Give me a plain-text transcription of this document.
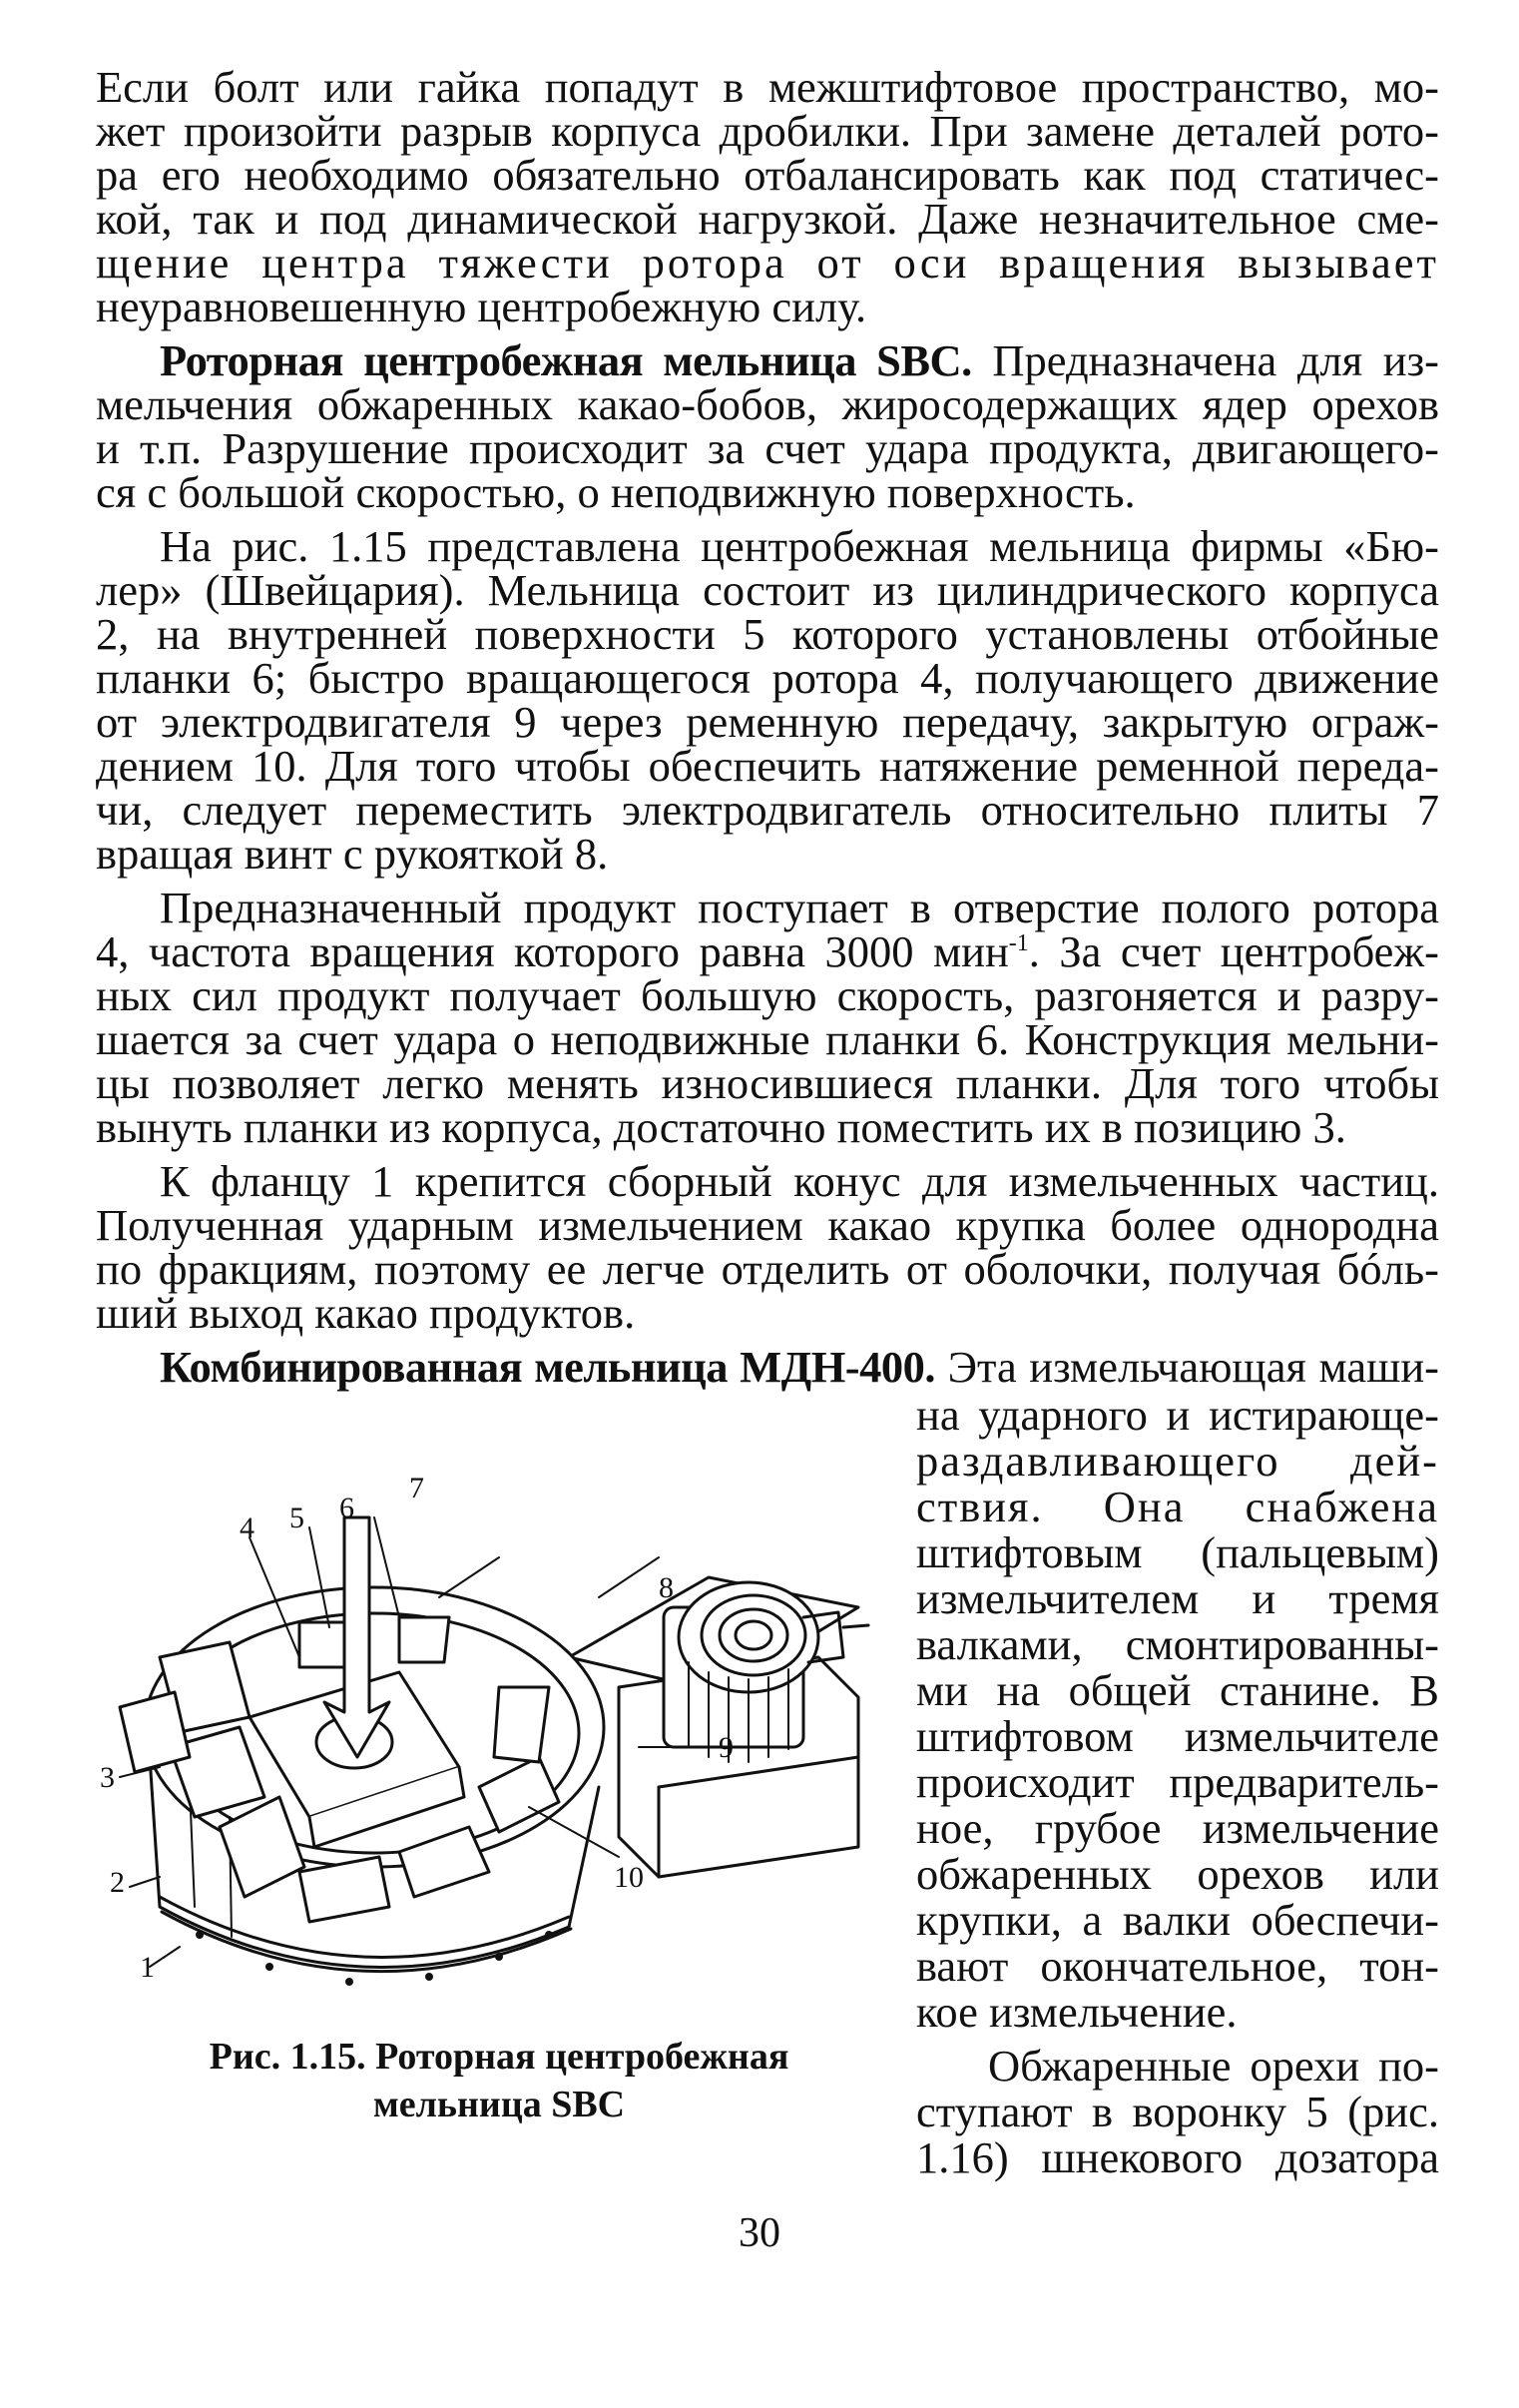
Если болт или гайка попадут в межштифтовое пространство, мо-

жет произойти разрыв корпуса дробилки. При замене деталей рото-

ра его необходимо обязательно отбалансировать как под статичес-

кой, так и под динамической нагрузкой. Даже незначительное сме-

щение центра тяжести ротора от оси вращения вызывает

неуравновешенную центробежную силу.

Роторная центробежная мельница SBC. Предназначена для из-

мельчения обжаренных какао-бобов, жиросодержащих ядер орехов

и т.п. Разрушение происходит за счет удара продукта, двигающего-

ся с большой скоростью, о неподвижную поверхность.

На рис. 1.15 представлена центробежная мельница фирмы «Бю-

лер» (Швейцария). Мельница состоит из цилиндрического корпуса

2, на внутренней поверхности 5 которого установлены отбойные

планки 6; быстро вращающегося ротора 4, получающего движение

от электродвигателя 9 через ременную передачу, закрытую ограж-

дением 10. Для того чтобы обеспечить натяжение ременной переда-

чи, следует переместить электродвигатель относительно плиты 7

вращая винт с рукояткой 8.

Предназначенный продукт поступает в отверстие полого ротора

4, частота вращения которого равна 3000 мин$^{-1}$. За счет центробеж-

ных сил продукт получает большую скорость, разгоняется и разру-

шается за счет удара о неподвижные планки 6. Конструкция мельни-

цы позволяет легко менять износившиеся планки. Для того чтобы

вынуть планки из корпуса, достаточно поместить их в позицию 3.

К фланцу 1 крепится сборный конус для измельченных частиц.

Полученная ударным измельчением какао крупка более однородна

по фракциям, поэтому ее легче отделить от оболочки, получая бóль-

ший выход какао продуктов.

Комбинированная мельница МДН-400. Эта измельчающая маши-

на ударного и истирающе-

раздавливающего дей-

ствия. Она снабжена

штифтовым (пальцевым)

измельчителем и тремя

валками, смонтированны-

ми на общей станине. В

штифтовом измельчителе

происходит предваритель-

ное, грубое измельчение

обжаренных орехов или

крупки, а валки обеспечи-

вают окончательное, тон-

кое измельчение.

Обжаренные орехи по-

ступают в воронку 5 (рис.

1.16) шнекового дозатора

1
2
3
4 5 6
7
8
9
10

Рис. 1.15. Роторная центробежная

мельница SBC

30
